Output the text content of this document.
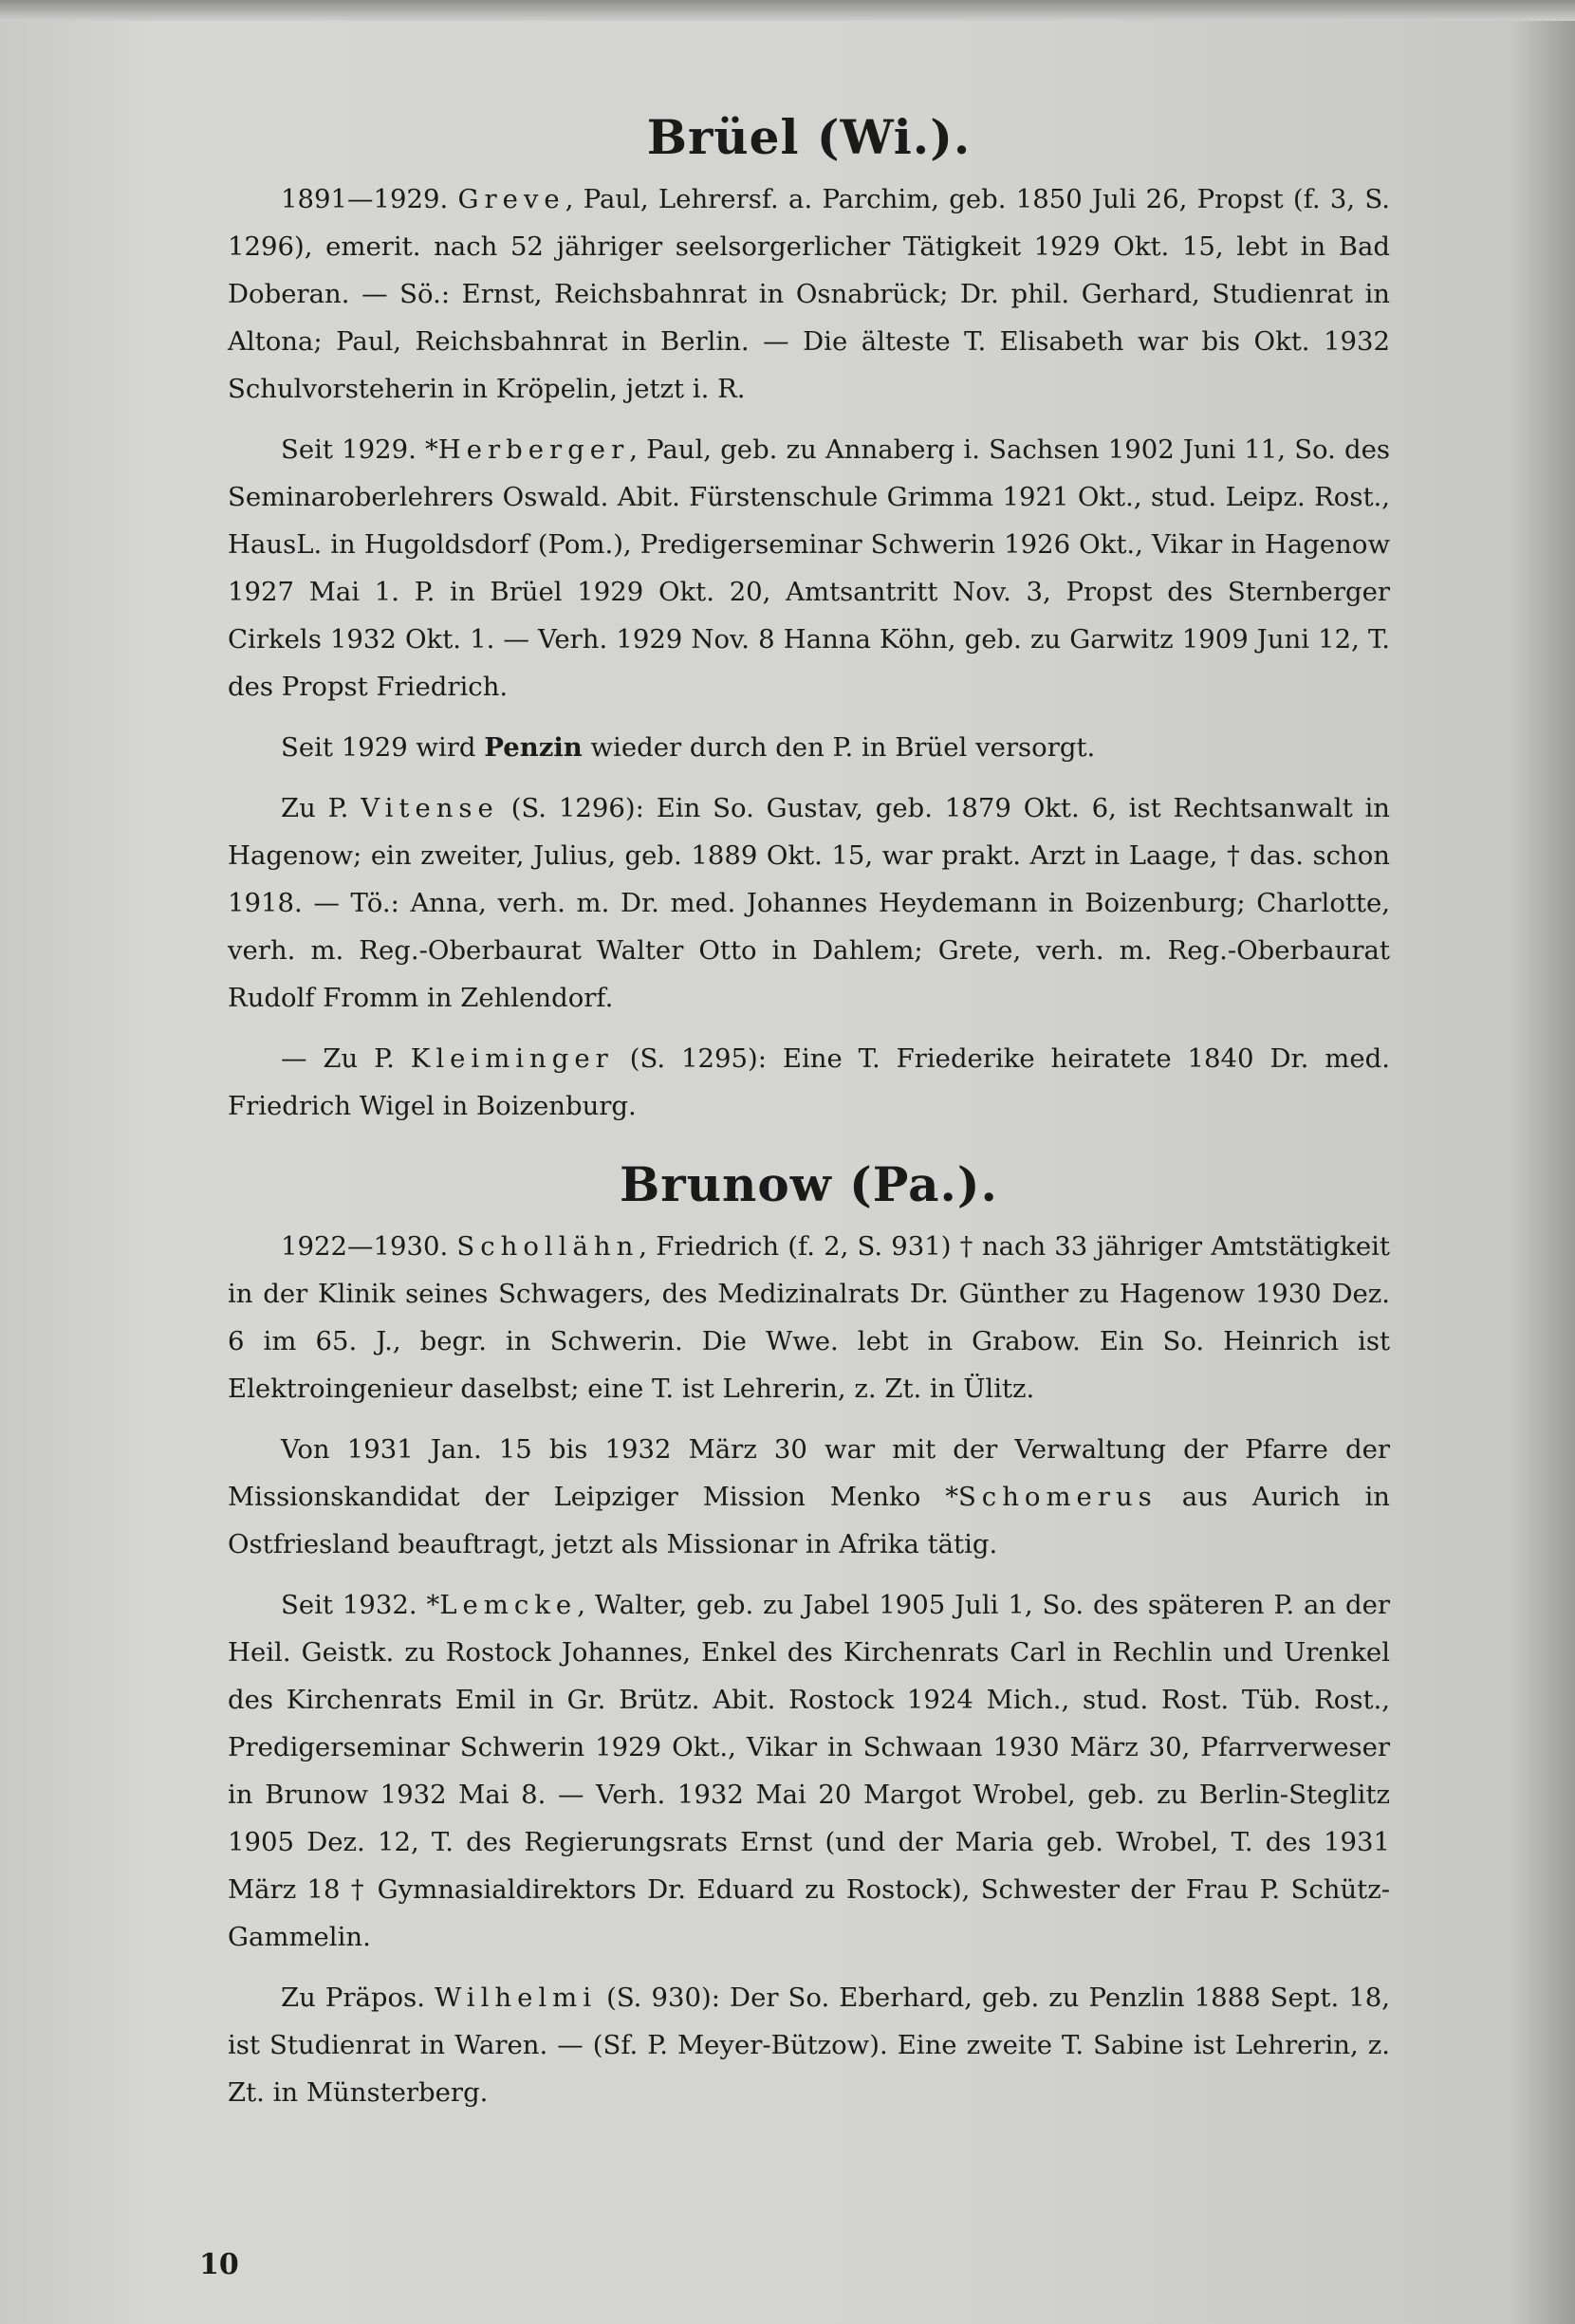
Brüel (Wi.).

1891—1929. Greve, Paul, Lehrersf. a. Parchim, geb. 1850 Juli 26, Propst (f. 3, S. 1296), emerit. nach 52 jähriger seelsorgerlicher Tätigkeit 1929 Okt. 15, lebt in Bad Doberan. — Sö.: Ernst, Reichsbahnrat in Osnabrück; Dr. phil. Gerhard, Studienrat in Altona; Paul, Reichsbahnrat in Berlin. — Die älteste T. Elisabeth war bis Okt. 1932 Schulvorsteherin in Kröpelin, jetzt i. R.

Seit 1929. *Herberger, Paul, geb. zu Annaberg i. Sachsen 1902 Juni 11, So. des Seminaroberlehrers Oswald. Abit. Fürstenschule Grimma 1921 Okt., stud. Leipz. Rost., HausL. in Hugoldsdorf (Pom.), Predigerseminar Schwerin 1926 Okt., Vikar in Hagenow 1927 Mai 1. P. in Brüel 1929 Okt. 20, Amtsantritt Nov. 3, Propst des Sternberger Cirkels 1932 Okt. 1. — Verh. 1929 Nov. 8 Hanna Köhn, geb. zu Garwitz 1909 Juni 12, T. des Propst Friedrich.

Seit 1929 wird Penzin wieder durch den P. in Brüel versorgt.

Zu P. Vitense (S. 1296): Ein So. Gustav, geb. 1879 Okt. 6, ist Rechtsanwalt in Hagenow; ein zweiter, Julius, geb. 1889 Okt. 15, war prakt. Arzt in Laage, † das. schon 1918. — Tö.: Anna, verh. m. Dr. med. Johannes Heydemann in Boizenburg; Charlotte, verh. m. Reg.-Oberbaurat Walter Otto in Dahlem; Grete, verh. m. Reg.-Oberbaurat Rudolf Fromm in Zehlendorf.

— Zu P. Kleiminger (S. 1295): Eine T. Friederike heiratete 1840 Dr. med. Friedrich Wigel in Boizenburg.

Brunow (Pa.).

1922—1930. Schollähn, Friedrich (f. 2, S. 931) † nach 33 jähriger Amtstätigkeit in der Klinik seines Schwagers, des Medizinalrats Dr. Günther zu Hagenow 1930 Dez. 6 im 65. J., begr. in Schwerin. Die Wwe. lebt in Grabow. Ein So. Heinrich ist Elektroingenieur daselbst; eine T. ist Lehrerin, z. Zt. in Ülitz.

Von 1931 Jan. 15 bis 1932 März 30 war mit der Verwaltung der Pfarre der Missionskandidat der Leipziger Mission Menko *Schomerus aus Aurich in Ostfriesland beauftragt, jetzt als Missionar in Afrika tätig.

Seit 1932. *Lemcke, Walter, geb. zu Jabel 1905 Juli 1, So. des späteren P. an der Heil. Geistk. zu Rostock Johannes, Enkel des Kirchenrats Carl in Rechlin und Urenkel des Kirchenrats Emil in Gr. Brütz. Abit. Rostock 1924 Mich., stud. Rost. Tüb. Rost., Predigerseminar Schwerin 1929 Okt., Vikar in Schwaan 1930 März 30, Pfarrverweser in Brunow 1932 Mai 8. — Verh. 1932 Mai 20 Margot Wrobel, geb. zu Berlin-Steglitz 1905 Dez. 12, T. des Regierungsrats Ernst (und der Maria geb. Wrobel, T. des 1931 März 18 † Gymnasialdirektors Dr. Eduard zu Rostock), Schwester der Frau P. Schütz-Gammelin.

Zu Präpos. Wilhelmi (S. 930): Der So. Eberhard, geb. zu Penzlin 1888 Sept. 18, ist Studienrat in Waren. — (Sf. P. Meyer-Bützow). Eine zweite T. Sabine ist Lehrerin, z. Zt. in Münsterberg.

10
